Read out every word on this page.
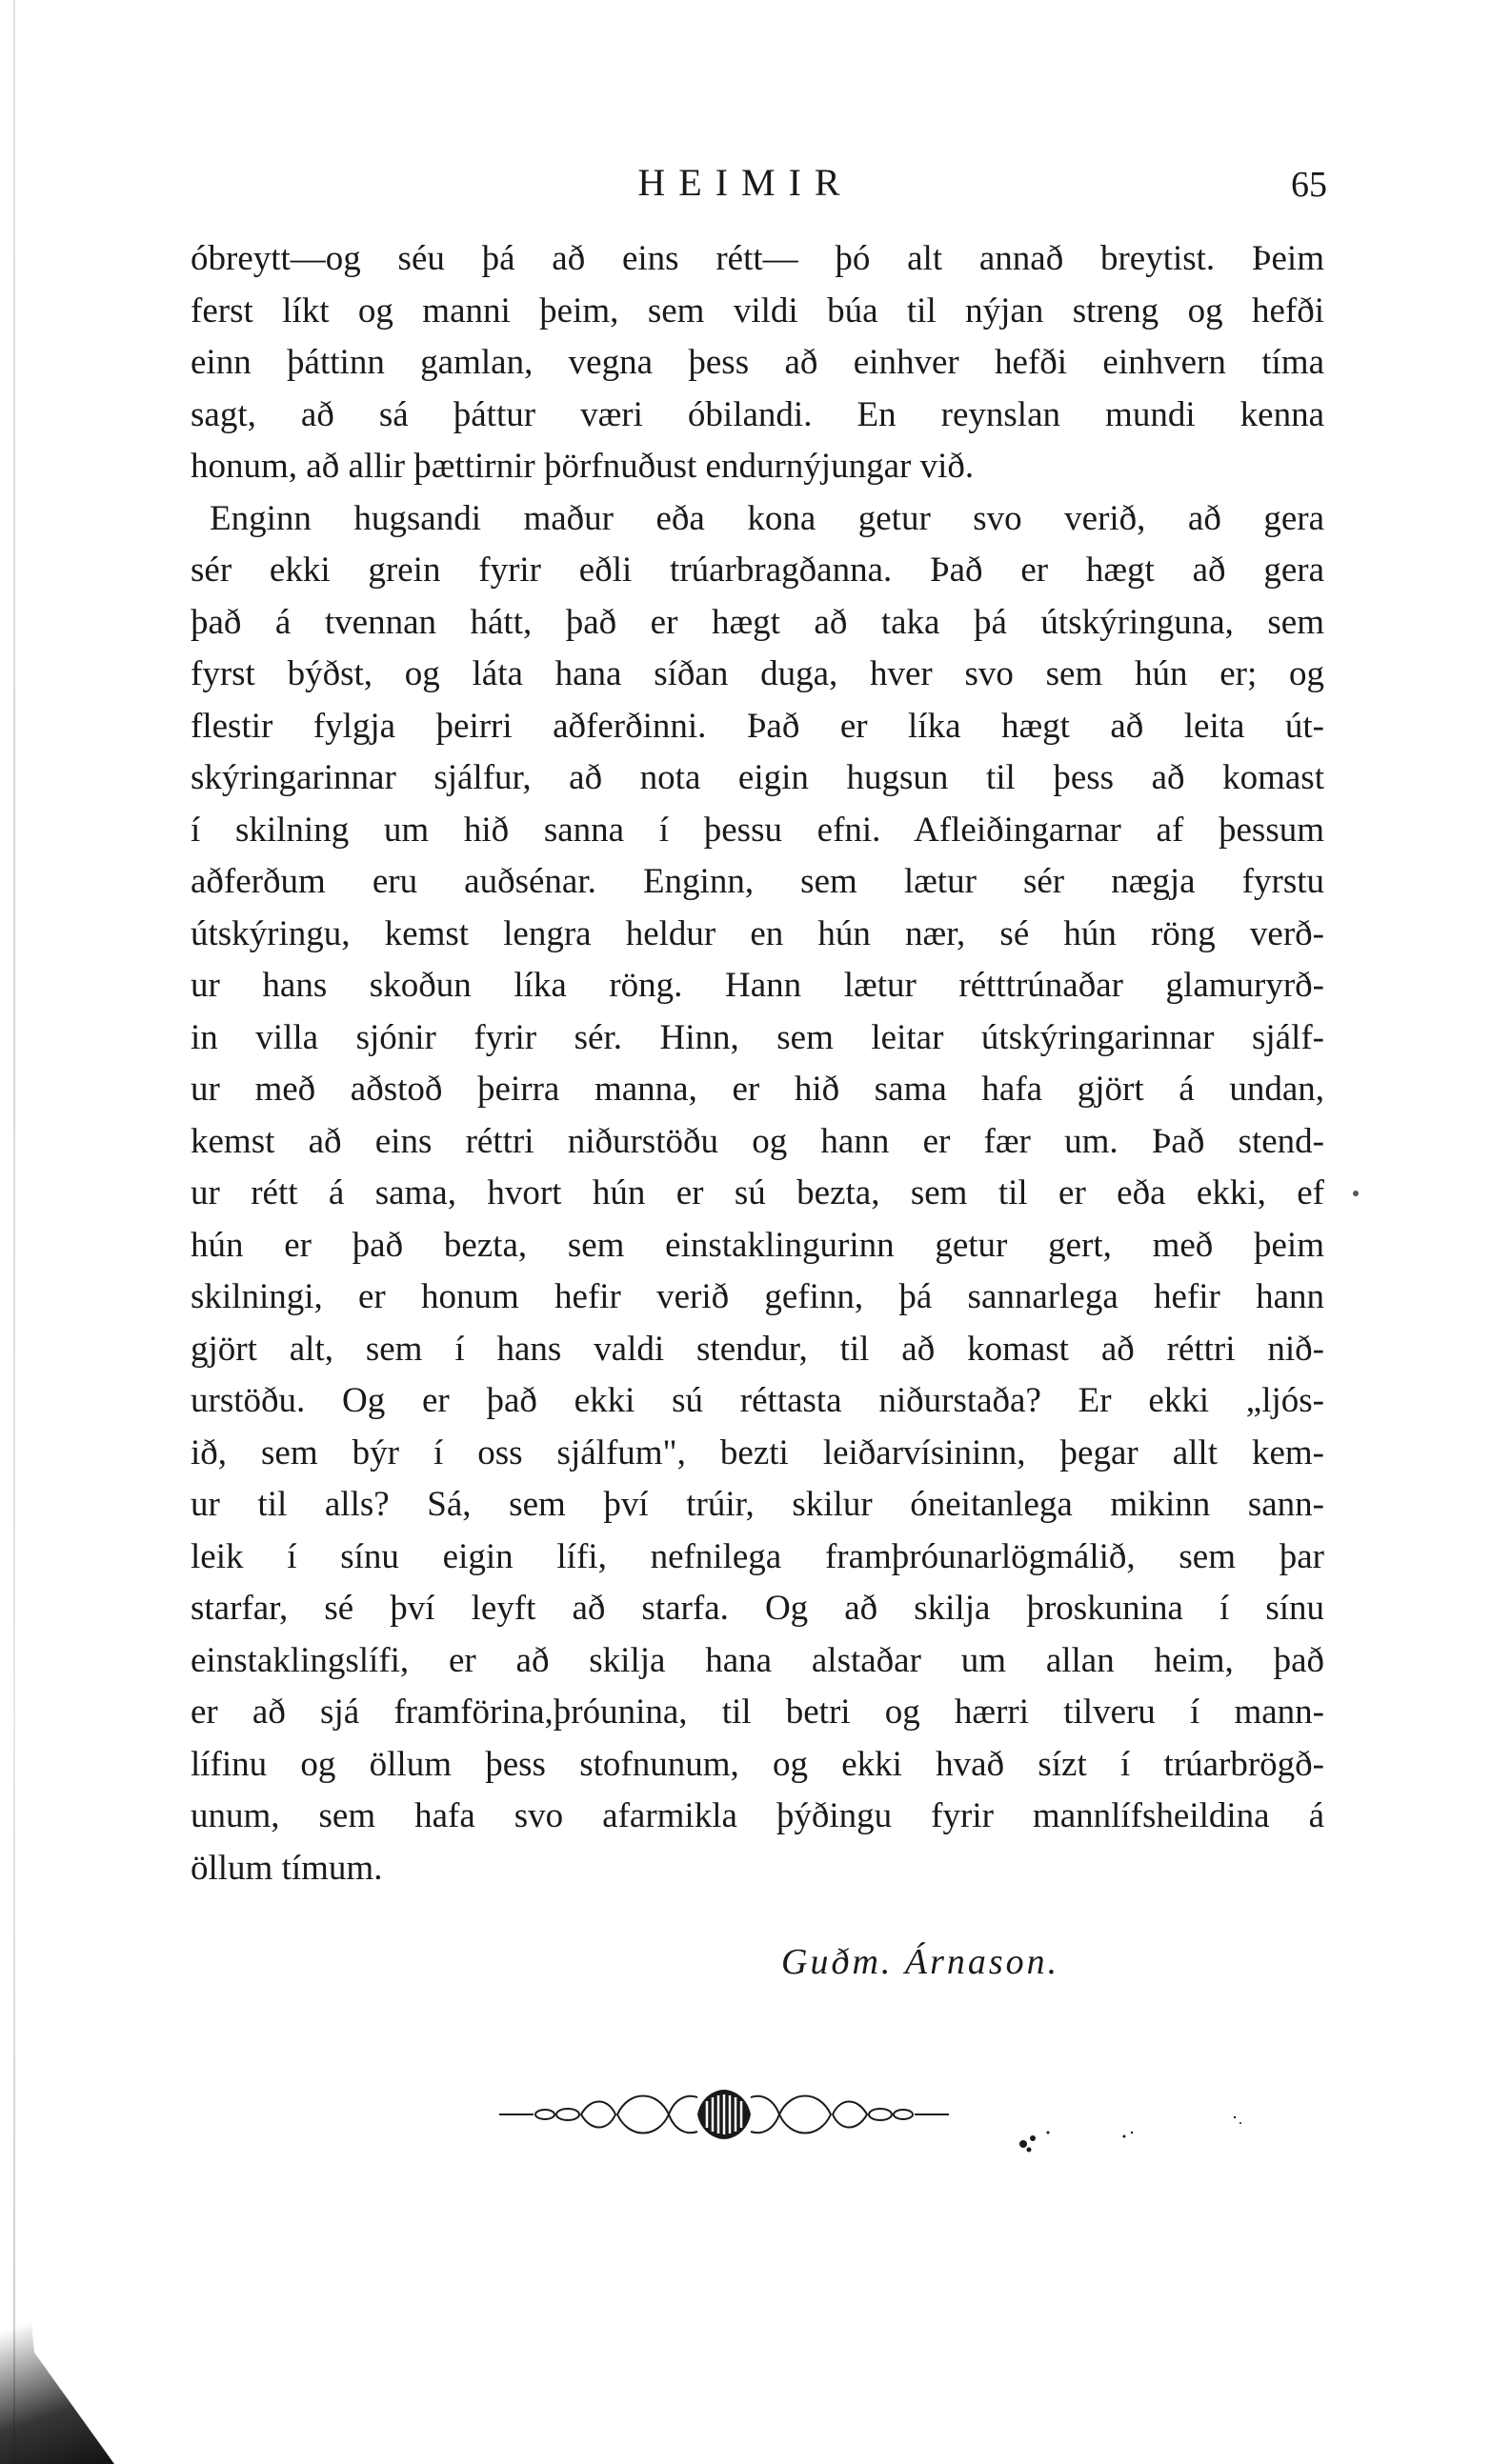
HEIMIR	65
óbreytt—og séu þá að eins rétt— þó alt annað breytist. Þeim
ferst líkt og manni þeim, sem vildi búa til nýjan streng og hefði
einn þáttinn gamlan, vegna þess að einhver hefði einhvern tíma
sagt, að sá þáttur væri óbilandi. En reynslan mundi kenna
honum, að allir þættirnir þörfnuðust endurnýjungar við.
Enginn hugsandi maður eða kona getur svo verið, að gera
sér ekki grein fyrir eðli trúarbragðanna. Það er hægt að gera
það á tvennan hátt, það er hægt að taka þá útskýringuna, sem
fyrst býðst, og láta hana síðan duga, hver svo sem hún er; og
flestir fylgja þeirri aðferðinni. Það er líka hægt að leita út-
skýringarinnar sjálfur, að nota eigin hugsun til þess að komast
í skilning um hið sanna í þessu efni. Afleiðingarnar af þessum
aðferðum eru auðsénar. Enginn, sem lætur sér nægja fyrstu
útskýringu, kemst lengra heldur en hún nær, sé hún röng verð-
ur hans skoðun líka röng. Hann lætur rétttrúnaðar glamuryrð-
in villa sjónir fyrir sér. Hinn, sem leitar útskýringarinnar sjálf-
ur með aðstoð þeirra manna, er hið sama hafa gjört á undan,
kemst að eins réttri niðurstöðu og hann er fær um. Það stend-
ur rétt á sama, hvort hún er sú bezta, sem til er eða ekki, ef
hún er það bezta, sem einstaklingurinn getur gert, með þeim
skilningi, er honum hefir verið gefinn, þá sannarlega hefir hann
gjört alt, sem í hans valdi stendur, til að komast að réttri nið-
urstöðu. Og er það ekki sú réttasta niðurstaða? Er ekki „ljós-
ið, sem býr í oss sjálfum", bezti leiðarvísininn, þegar allt kem-
ur til alls? Sá, sem því trúir, skilur óneitanlega mikinn sann-
leik í sínu eigin lífi, nefnilega framþróunarlögmálið, sem þar
starfar, sé því leyft að starfa. Og að skilja þroskunina í sínu
einstaklingslífi, er að skilja hana alstaðar um allan heim, það
er að sjá framförina,þróunina, til betri og hærri tilveru í mann-
lífinu og öllum þess stofnunum, og ekki hvað sízt í trúarbrögð-
unum, sem hafa svo afarmikla þýðingu fyrir mannlífsheildina á
öllum tímum.
Guðm. Árnason.
